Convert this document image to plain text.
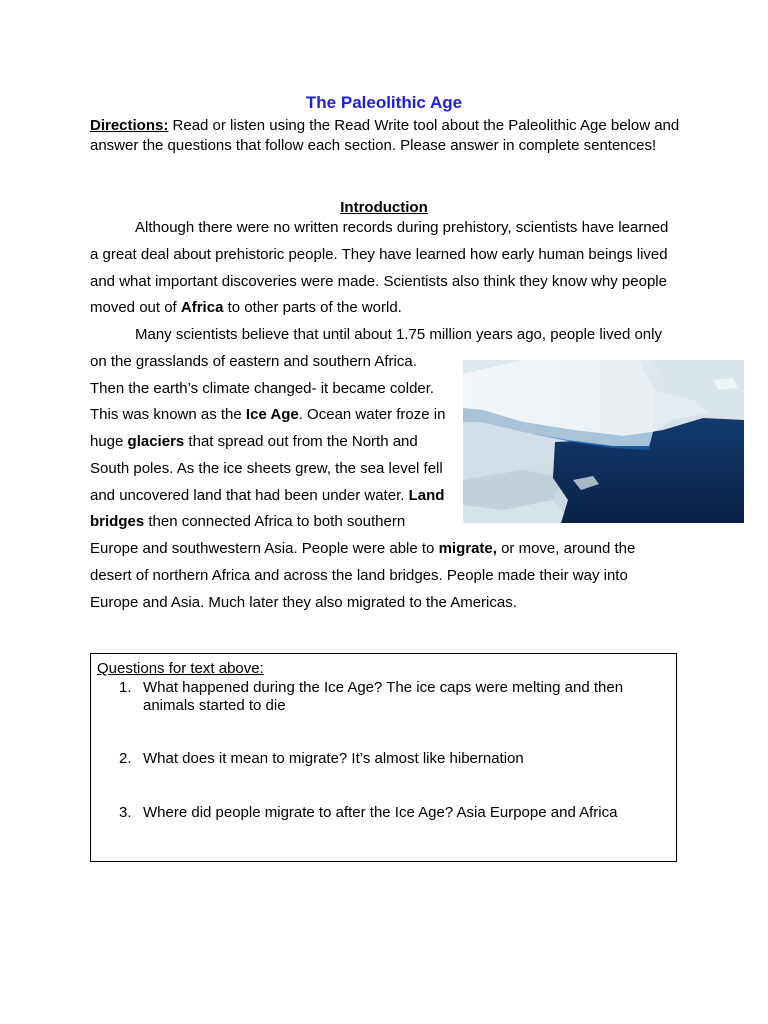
The Paleolithic Age
Directions: Read or listen using the Read Write tool about the Paleolithic Age below and answer the questions that follow each section. Please answer in complete sentences!
Introduction
Although there were no written records during prehistory, scientists have learned
a great deal about prehistoric people. They have learned how early human beings lived
and what important discoveries were made. Scientists also think they know why people
moved out of Africa to other parts of the world.
Many scientists believe that until about 1.75 million years ago, people lived only
on the grasslands of eastern and southern Africa.
Then the earth’s climate changed- it became colder.
This was known as the Ice Age. Ocean water froze in
huge glaciers that spread out from the North and
South poles. As the ice sheets grew, the sea level fell
and uncovered land that had been under water. Land
bridges then connected Africa to both southern
Europe and southwestern Asia. People were able to migrate, or move, around the
desert of northern Africa and across the land bridges. People made their way into
Europe and Asia. Much later they also migrated to the Americas.
Questions for text above:
1. What happened during the Ice Age? The ice caps were melting and then animals started to die
2. What does it mean to migrate? It’s almost like hibernation
3. Where did people migrate to after the Ice Age? Asia Eurpope and Africa
